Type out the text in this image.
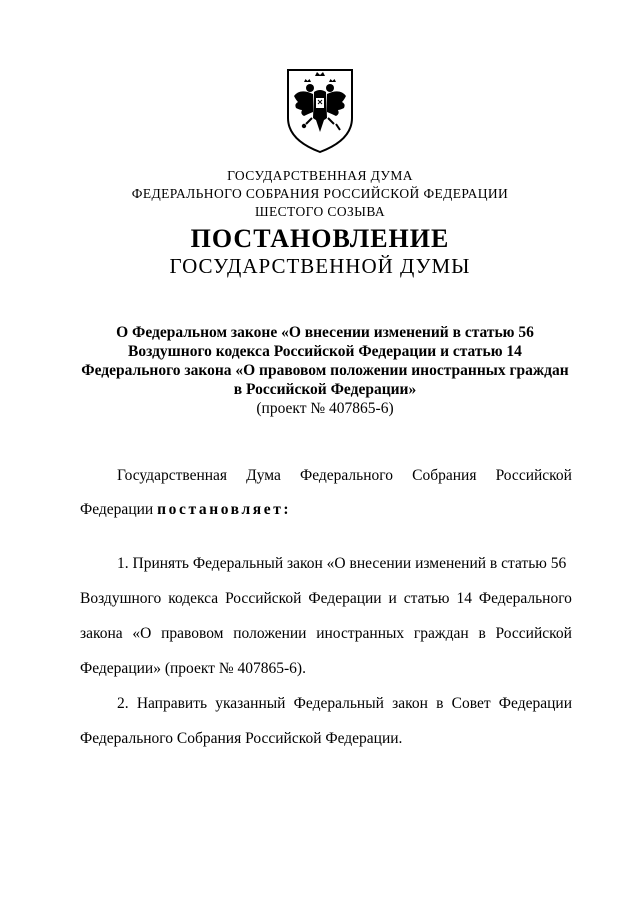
ГОСУДАРСТВЕННАЯ ДУМА
ФЕДЕРАЛЬНОГО СОБРАНИЯ РОССИЙСКОЙ ФЕДЕРАЦИИ
ШЕСТОГО СОЗЫВА
ПОСТАНОВЛЕНИЕ
ГОСУДАРСТВЕННОЙ ДУМЫ
О Федеральном законе «О внесении изменений в статью 56
Воздушного кодекса Российской Федерации и статью 14
Федерального закона «О правовом положении иностранных граждан
в Российской Федерации»
(проект № 407865-6)
Государственная Дума Федерального Собрания Российской
Федерации постановляет:
1. Принять Федеральный закон «О внесении изменений в статью 56
Воздушного кодекса Российской Федерации и статью 14 Федерального
закона «О правовом положении иностранных граждан в Российской
Федерации» (проект № 407865-6).
2. Направить указанный Федеральный закон в Совет Федерации
Федерального Собрания Российской Федерации.
